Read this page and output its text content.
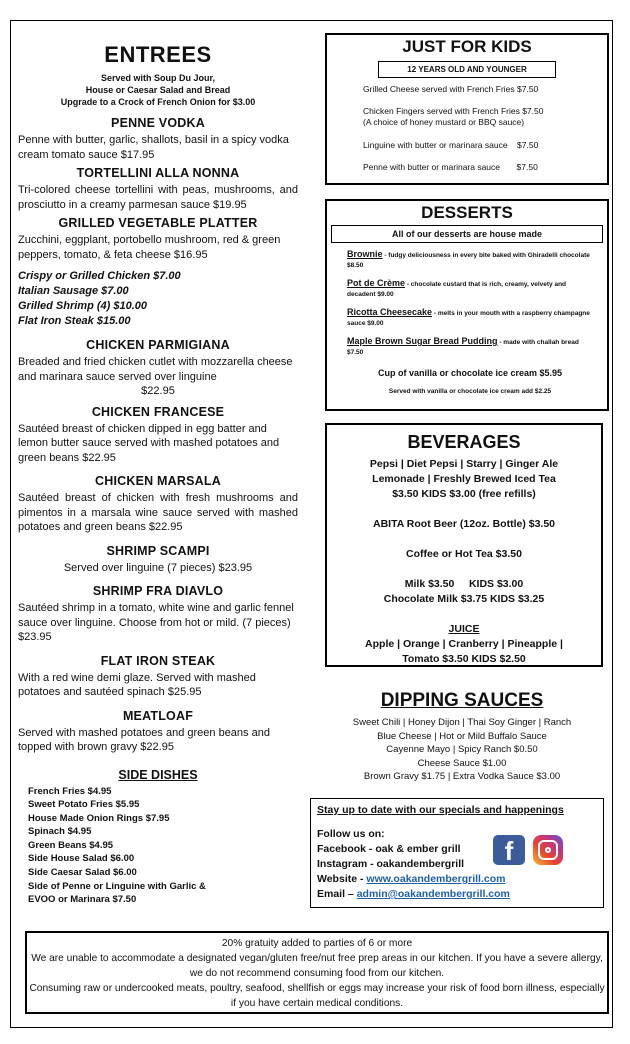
ENTREES
Served with Soup Du Jour,
House or Caesar Salad and Bread
Upgrade to a Crock of French Onion for $3.00
PENNE VODKA
Penne with butter, garlic, shallots, basil in a spicy vodka cream tomato sauce $17.95
TORTELLINI ALLA NONNA
Tri-colored cheese tortellini with peas, mushrooms, and prosciutto in a creamy parmesan sauce $19.95
GRILLED VEGETABLE PLATTER
Zucchini, eggplant, portobello mushroom, red & green peppers, tomato, & feta cheese $16.95
Crispy or Grilled Chicken $7.00
Italian Sausage $7.00
Grilled Shrimp (4) $10.00
Flat Iron Steak $15.00
CHICKEN PARMIGIANA
Breaded and fried chicken cutlet with mozzarella cheese and marinara sauce served over linguine
$22.95
CHICKEN FRANCESE
Sautéed breast of chicken dipped in egg batter and lemon butter sauce served with mashed potatoes and green beans $22.95
CHICKEN MARSALA
Sautéed breast of chicken with fresh mushrooms and pimentos in a marsala wine sauce served with mashed potatoes and green beans $22.95
SHRIMP SCAMPI
Served over linguine (7 pieces) $23.95
SHRIMP FRA DIAVLO
Sautéed shrimp in a tomato, white wine and garlic fennel sauce over linguine. Choose from hot or mild. (7 pieces) $23.95
FLAT IRON STEAK
With a red wine demi glaze. Served with mashed potatoes and sautéed spinach $25.95
MEATLOAF
Served with mashed potatoes and green beans and topped with brown gravy $22.95
SIDE DISHES
French Fries $4.95
Sweet Potato Fries $5.95
House Made Onion Rings $7.95
Spinach $4.95
Green Beans $4.95
Side House Salad $6.00
Side Caesar Salad $6.00
Side of Penne or Linguine with Garlic &
EVOO or Marinara $7.50
JUST FOR KIDS
12 YEARS OLD AND YOUNGER
Grilled Cheese served with French Fries $7.50
Chicken Fingers served with French Fries $7.50
(A choice of honey mustard or BBQ sauce)
Linguine with butter or marinara sauce    $7.50
Penne with butter or marinara sauce       $7.50
DESSERTS
All of our desserts are house made
Brownie - fudgy deliciousness in every bite baked with Ghiradelli chocolate $8.50
Pot de Crème - chocolate custard that is rich, creamy, velvety and decadent $9.00
Ricotta Cheesecake - melts in your mouth with a raspberry champagne sauce $9.00
Maple Brown Sugar Bread Pudding - made with challah bread $7.50
Cup of vanilla or chocolate ice cream $5.95
Served with vanilla or chocolate ice cream add $2.25
BEVERAGES
Pepsi | Diet Pepsi | Starry | Ginger Ale
Lemonade | Freshly Brewed Iced Tea
$3.50 KIDS $3.00 (free refills)
ABITA Root Beer (12oz. Bottle) $3.50
Coffee or Hot Tea $3.50
Milk $3.50     KIDS $3.00
Chocolate Milk $3.75 KIDS $3.25
JUICE
Apple | Orange | Cranberry | Pineapple |
Tomato $3.50 KIDS $2.50
DIPPING SAUCES
Sweet Chili | Honey Dijon | Thai Soy Ginger | Ranch
Blue Cheese | Hot or Mild Buffalo Sauce
Cayenne Mayo | Spicy Ranch $0.50
Cheese Sauce $1.00
Brown Gravy $1.75 | Extra Vodka Sauce $3.00
Stay up to date with our specials and happenings
Follow us on:
Facebook - oak & ember grill
Instagram - oakandembergrill
Website - www.oakandembergrill.com
Email – admin@oakandembergrill.com
f
20% gratuity added to parties of 6 or more
We are unable to accommodate a designated vegan/gluten free/nut free prep areas in our kitchen. If you have a severe allergy, we do not recommend consuming food from our kitchen.
Consuming raw or undercooked meats, poultry, seafood, shellfish or eggs may increase your risk of food born illness, especially if you have certain medical conditions.
